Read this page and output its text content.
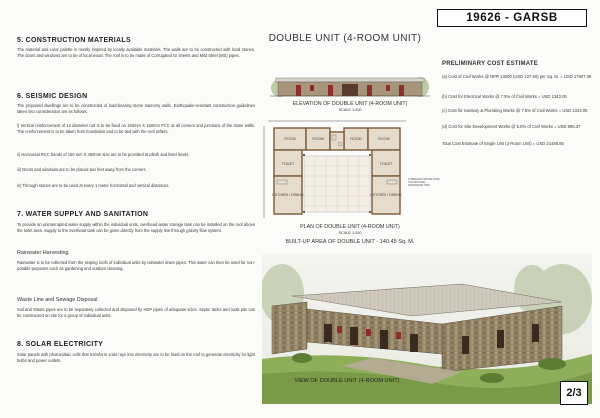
5. CONSTRUCTION MATERIALS
The material and color palette is mostly inspired by locally available materials. The walls are to be constructed with local stones. The doors and windows are to be of local wood. The roof is to be made of Corrugated GI sheets and Mild Steel (MS) pipes.
6. SEISMIC DESIGN
The proposed dwellings are to be constructed of load-bearing stone masonry walls. Earthquake-resistant construction guidelines taken into consideration are as follows:
i) Vertical reinforcement of 12 diameter rod is to be fixed on 150mm X 150mm PCC at all corners and junctions of the stone walls. The reinforcement is to be taken from foundation and to be tied with the roof rafters.
ii) Horizontal RCC bands of 150 mm X 450mm size are to be provided at plinth and lintel levels.
iii) Doors and windows are to be placed two feet away from the corners.
iv) Through stones are to be used at every 1 meter horizontal and vertical distances.
7. WATER SUPPLY AND SANITATION
To provide an uninterrupted water supply within the individual units, overhead water storage tank can be installed on the roof above the toilet area. Supply to the overhead tank can be given directly from the supply line through gravity flow system.
Rainwater Harvesting
Rainwater is to be collected from the sloping roofs of individual units by rainwater down pipes. This water can then be used for non-potable purposes such as gardening and outdoor cleaning.
Waste Line and Sewage Disposal
Soil and Waste pipes are to be separately collected and disposed by HDP pipes of adequate sizes. Septic tanks and soak pits can be constructed on site for a group of individual units.
8. SOLAR ELECTRICITY
Solar panels with photovoltaic cells that transform solar rays into electricity are to be fixed on the roof to generate electricity for light bulbs and power outlets.
DOUBLE UNIT (4-ROOM UNIT)
ELEVATION OF DOUBLE UNIT (4-ROOM UNIT)
SCALE 1:200
ROOM	ROOM	ROOM	ROOM
TOILET	TOILET
KITCHEN / DINING	KITCHEN / DINING
OVERHEAD WATER TANK
SOLAR PANEL
RAINWATER PIPE
PLAN OF DOUBLE UNIT (4-ROOM UNIT)
SCALE 1:200
BUILT-UP AREA OF DOUBLE UNIT - 140.45 Sq. M.
VIEW OF DOUBLE UNIT (4-ROOM UNIT)
19626 - GARSB
PRELIMINARY COST ESTIMATE
(a) Cost of Civil Works @ NPR 13000 (USD 127.50) per Sq. M. = USD 17907.38
(b) Cost for Electrical Works @ 7.5% of Civil Works = USD 1343.05
(c) Cost for Sanitary & Plumbing Works @ 7.5% of Civil Works = USD 1343.05
(d) Cost for Site Development Works @ 5.0% of Civil Works = USD 895.37
Total Cost Estimate of Single Unit (2-Room Unit) = USD 21488.85
2/3
